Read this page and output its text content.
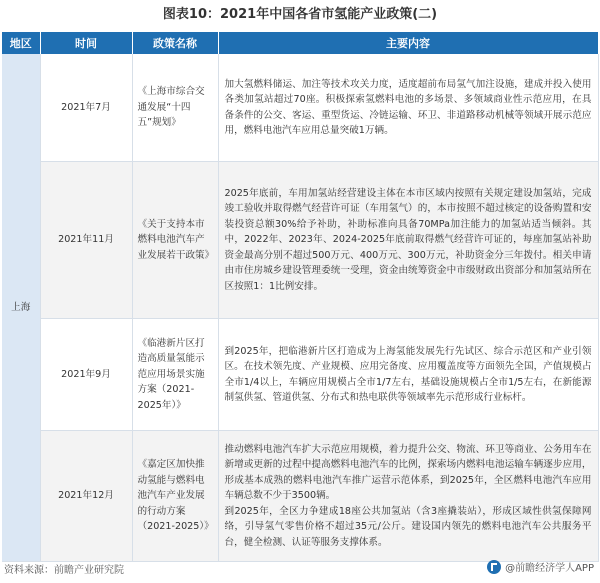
图表10：2021年中国各省市氢能产业政策(二)
地区	时间	政策名称	主要内容
上海	2021年7月	《上海市综合交通发展“十四五”规划》	加大氢燃料储运、加注等技术攻关力度，适度超前布局氢气加注设施，建成并投入使用各类加氢站超过70座。积极探索氢燃料电池的多场景、多领域商业性示范应用，在具备条件的公交、客运、重型货运、冷链运输、环卫、非道路移动机械等领域开展示范应用，燃料电池汽车应用总量突破1万辆。
	2021年11月	《关于支持本市燃料电池汽车产业发展若干政策》	2025年底前，车用加氢站经营建设主体在本市区域内按照有关规定建设加氢站，完成竣工验收并取得燃气经营许可证（车用氢气）的，本市按照不超过核定的设备购置和安装投资总额30%给予补助，补助标准向具备70MPa加注能力的加氢站适当倾斜。其中，2022年、2023年、2024-2025年底前取得燃气经营许可证的，每座加氢站补助资金最高分别不超过500万元、400万元、300万元，补助资金分三年拨付。相关申请由市住房城乡建设管理委统一受理，资金由统筹资金中市级财政出资部分和加氢站所在区按照1：1比例安排。
	2021年9月	《临港新片区打造高质量氢能示范应用场景实施方案（2021-2025年）》	到2025年，把临港新片区打造成为上海氢能发展先行先试区、综合示范区和产业引领区。在技术领先度、产业规模、应用完备度、应用覆盖度等方面领先全国，产值规模占全市1/4以上，车辆应用规模占全市1/7左右，基础设施规模占全市1/5左右，在新能源制氢供氢、管道供氢、分布式和热电联供等领域率先示范形成行业标杆。
	2021年12月	《嘉定区加快推动氢能与燃料电池汽车产业发展的行动方案（2021-2025）》	推动燃料电池汽车扩大示范应用规模，着力提升公交、物流、环卫等商业、公务用车在新增或更新的过程中提高燃料电池汽车的比例，探索场内燃料电池运输车辆逐步应用，形成基本成熟的燃料电池汽车推广运营示范体系，到2025年，全区燃料电池汽车应用车辆总数不少于3500辆。

到2025年，全区力争建成18座公共加氢站（含3座撬装站），形成区域性供氢保障网络，引导氢气零售价格不超过35元/公斤。建设国内领先的燃料电池汽车公共服务平台，健全检测、认证等服务支撑体系。

资料来源：前瞻产业研究院	@前瞻经济学人APP
